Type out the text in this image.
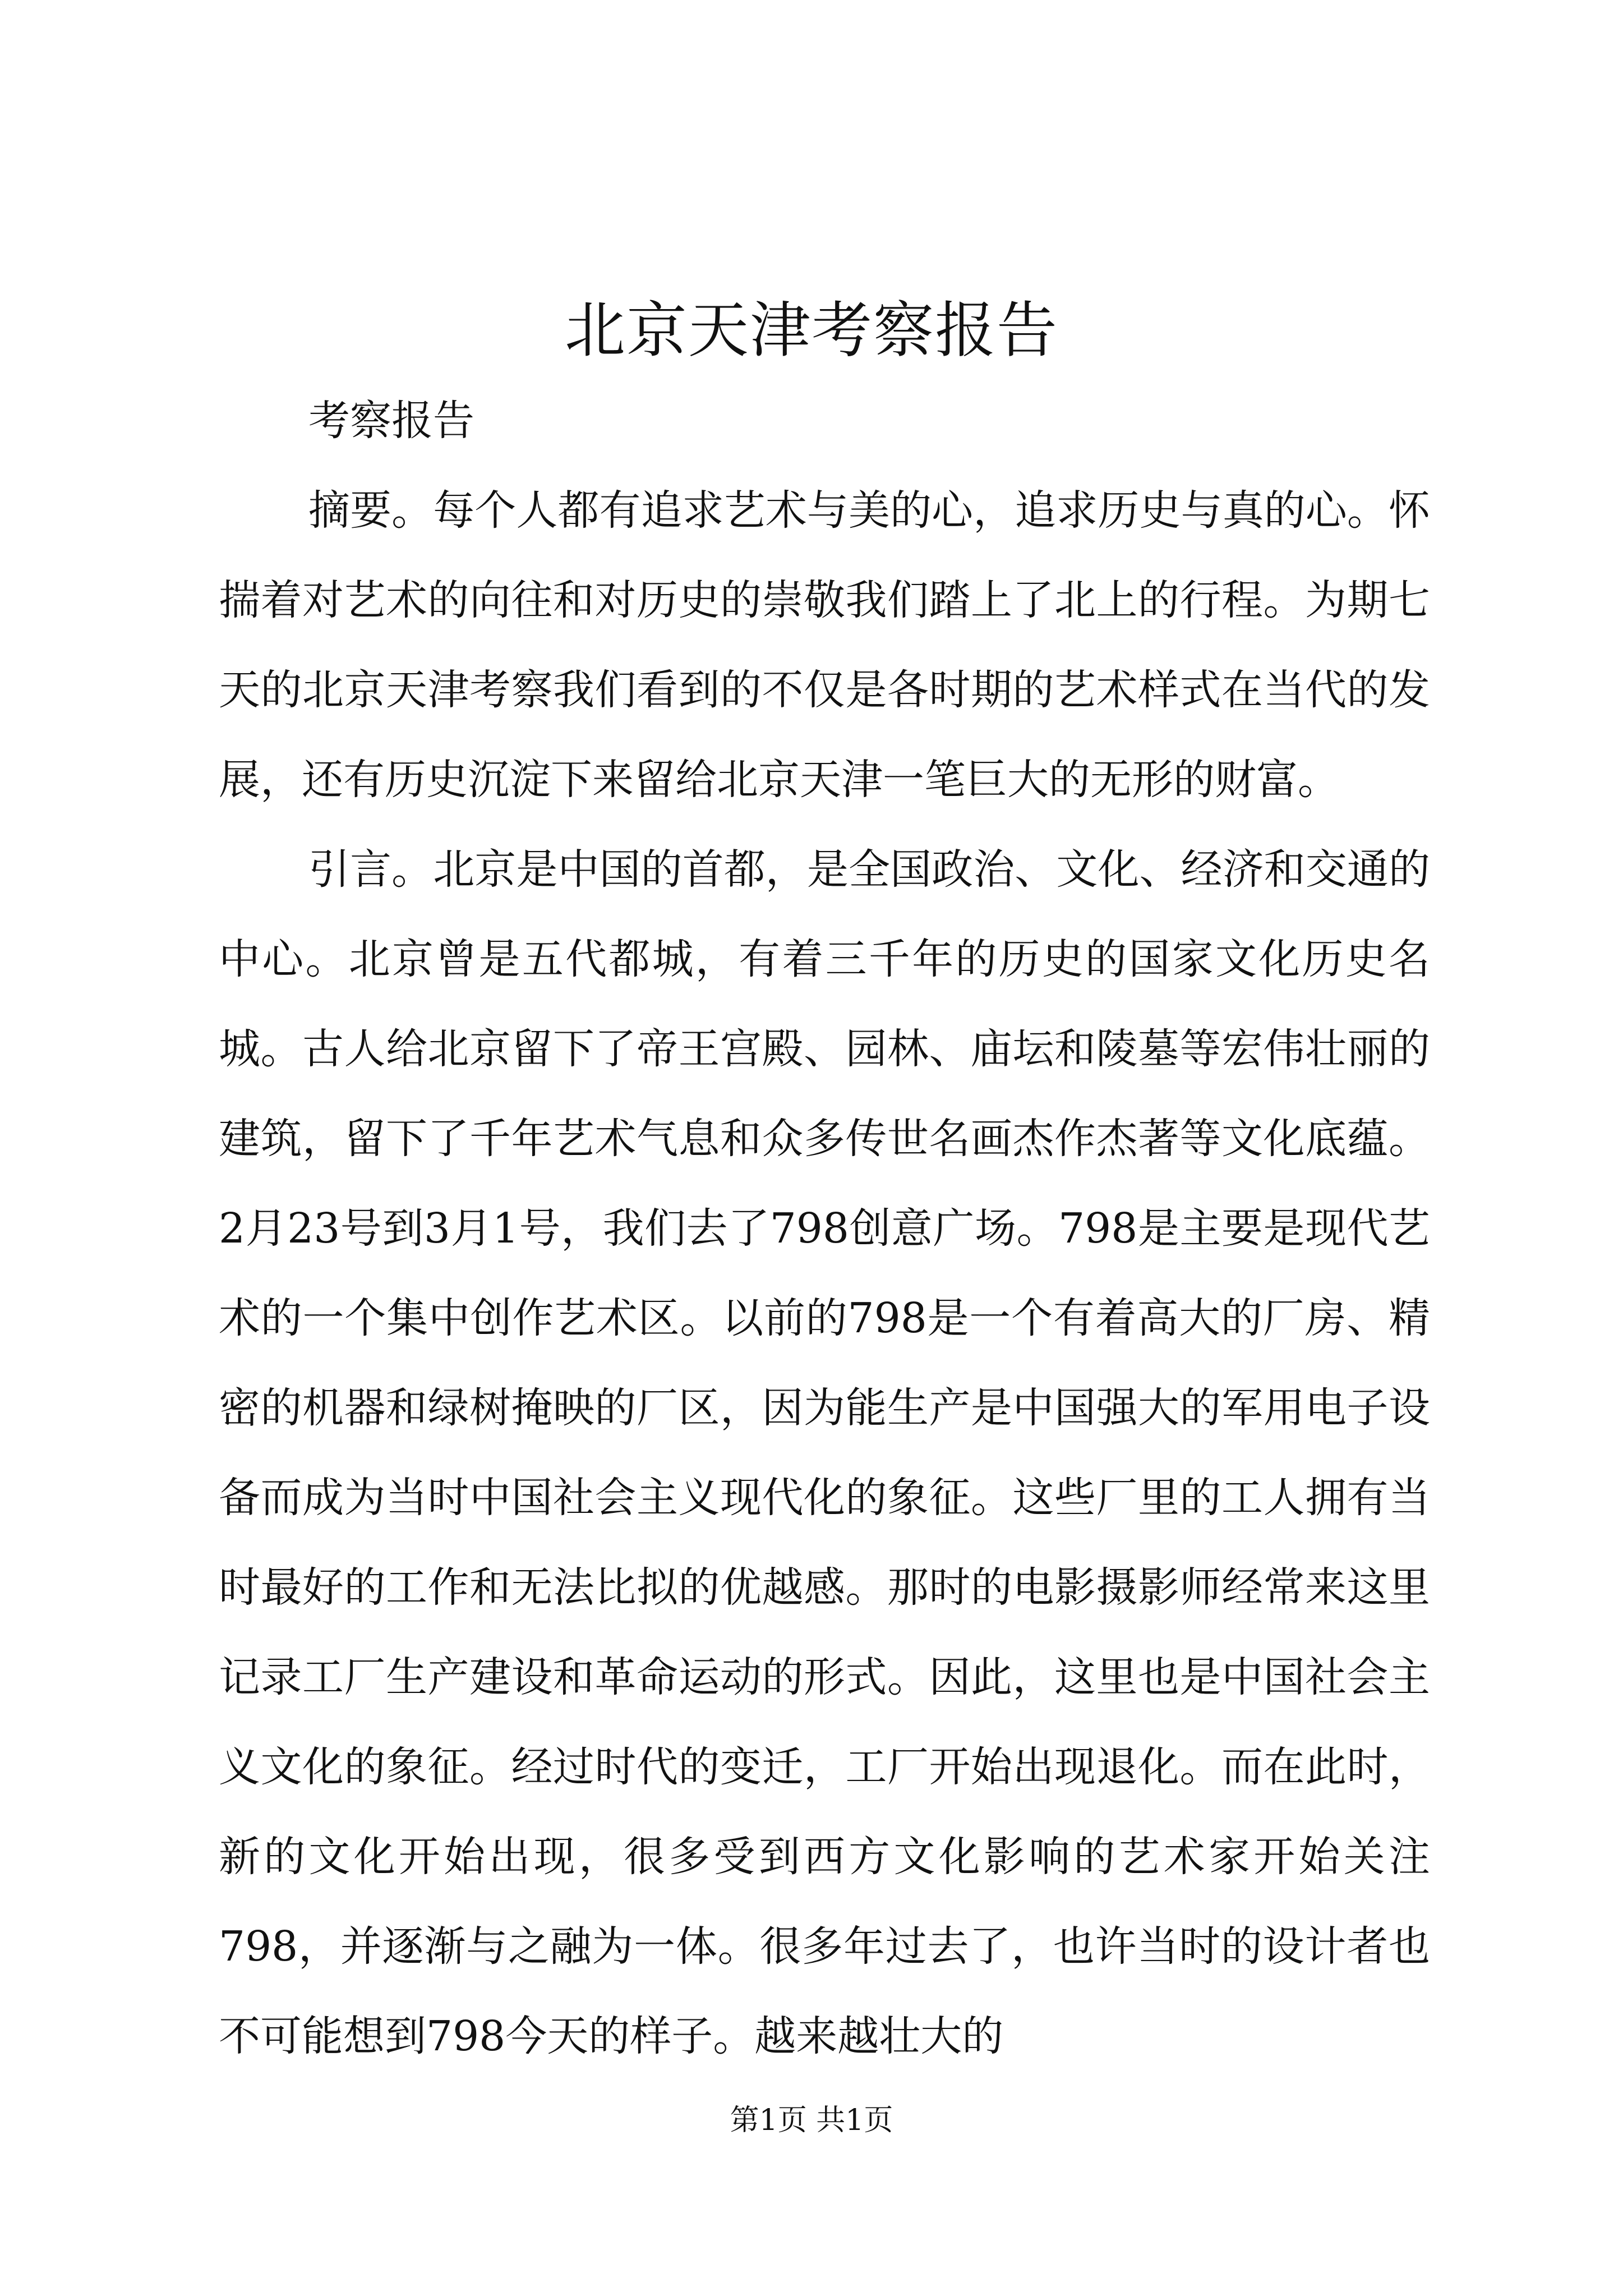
北京天津考察报告

考察报告

摘要。每个人都有追求艺术与美的心，追求历史与真的心。怀揣着对艺术的向往和对历史的崇敬我们踏上了北上的行程。为期七天的北京天津考察我们看到的不仅是各时期的艺术样式在当代的发展，还有历史沉淀下来留给北京天津一笔巨大的无形的财富。

引言。北京是中国的首都，是全国政治、文化、经济和交通的中心。北京曾是五代都城，有着三千年的历史的国家文化历史名城。古人给北京留下了帝王宫殿、园林、庙坛和陵墓等宏伟壮丽的建筑，留下了千年艺术气息和众多传世名画杰作杰著等文化底蕴。2月23号到3月1号，我们去了798创意广场。798是主要是现代艺术的一个集中创作艺术区。以前的798是一个有着高大的厂房、精密的机器和绿树掩映的厂区，因为能生产是中国强大的军用电子设备而成为当时中国社会主义现代化的象征。这些厂里的工人拥有当时最好的工作和无法比拟的优越感。那时的电影摄影师经常来这里记录工厂生产建设和革命运动的形式。因此，这里也是中国社会主义文化的象征。经过时代的变迁，工厂开始出现退化。而在此时，新的文化开始出现，很多受到西方文化影响的艺术家开始关注798，并逐渐与之融为一体。很多年过去了，也许当时的设计者也不可能想到798今天的样子。越来越壮大的

第1页 共1页
